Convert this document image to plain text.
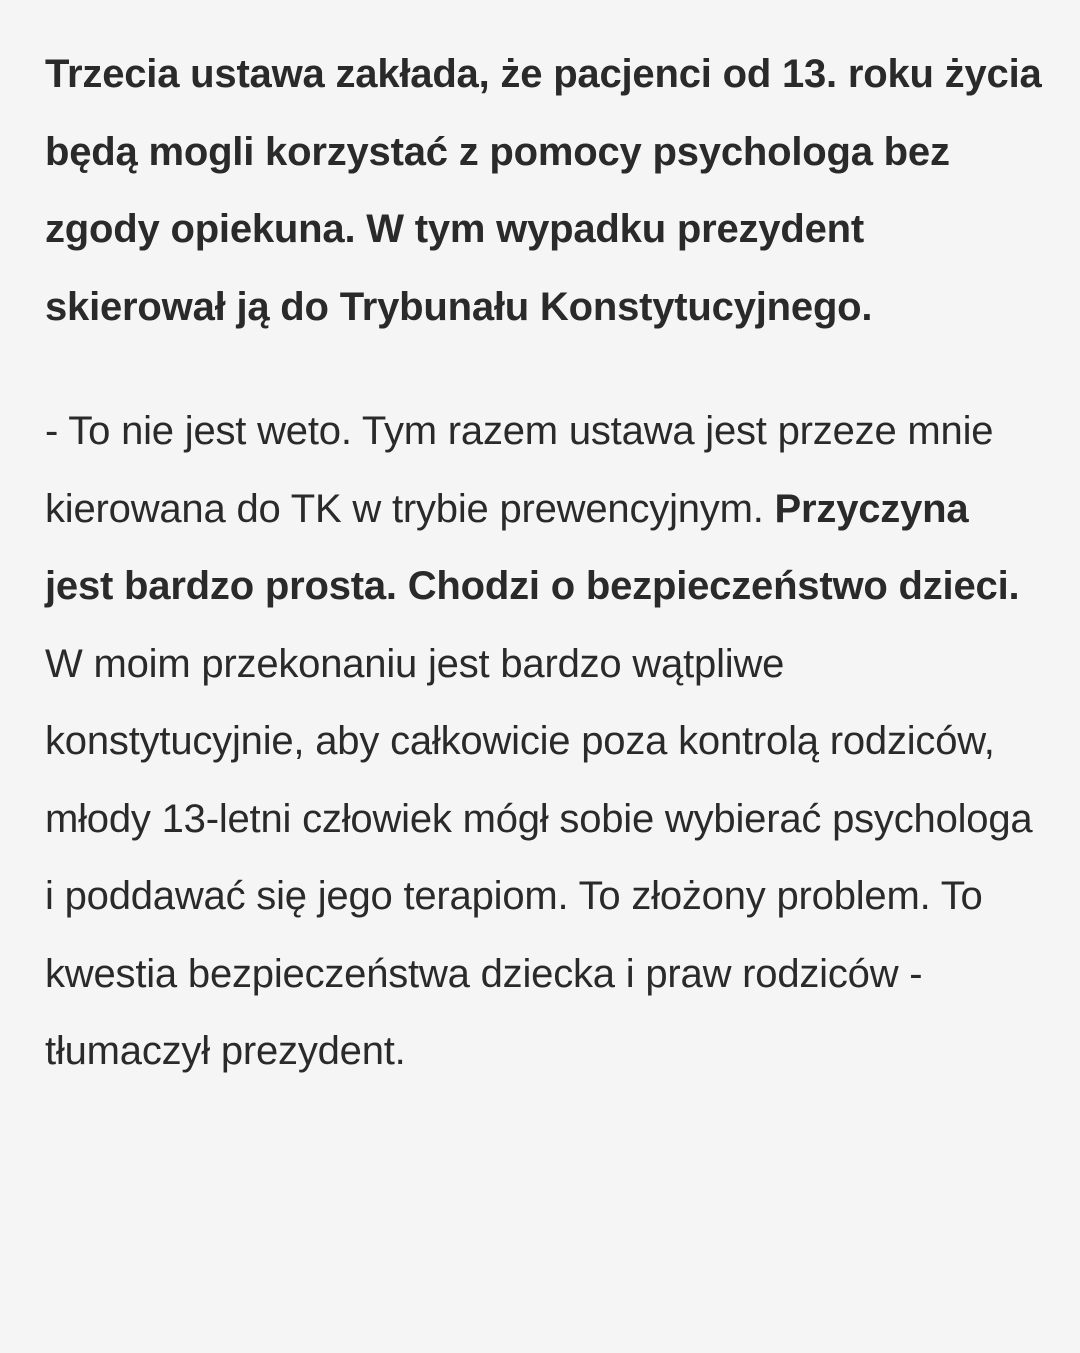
Trzecia ustawa zakłada, że pacjenci od 13. roku życia będą mogli korzystać z pomocy psychologa bez zgody opiekuna. W tym wypadku prezydent skierował ją do Trybunału Konstytucyjnego.

- To nie jest weto. Tym razem ustawa jest przeze mnie kierowana do TK w trybie prewencyjnym. Przyczyna jest bardzo prosta. Chodzi o bezpieczeństwo dzieci. W moim przekonaniu jest bardzo wątpliwe konstytucyjnie, aby całkowicie poza kontrolą rodziców, młody 13-letni człowiek mógł sobie wybierać psychologa i poddawać się jego terapiom. To złożony problem. To kwestia bezpieczeństwa dziecka i praw rodziców - tłumaczył prezydent.
